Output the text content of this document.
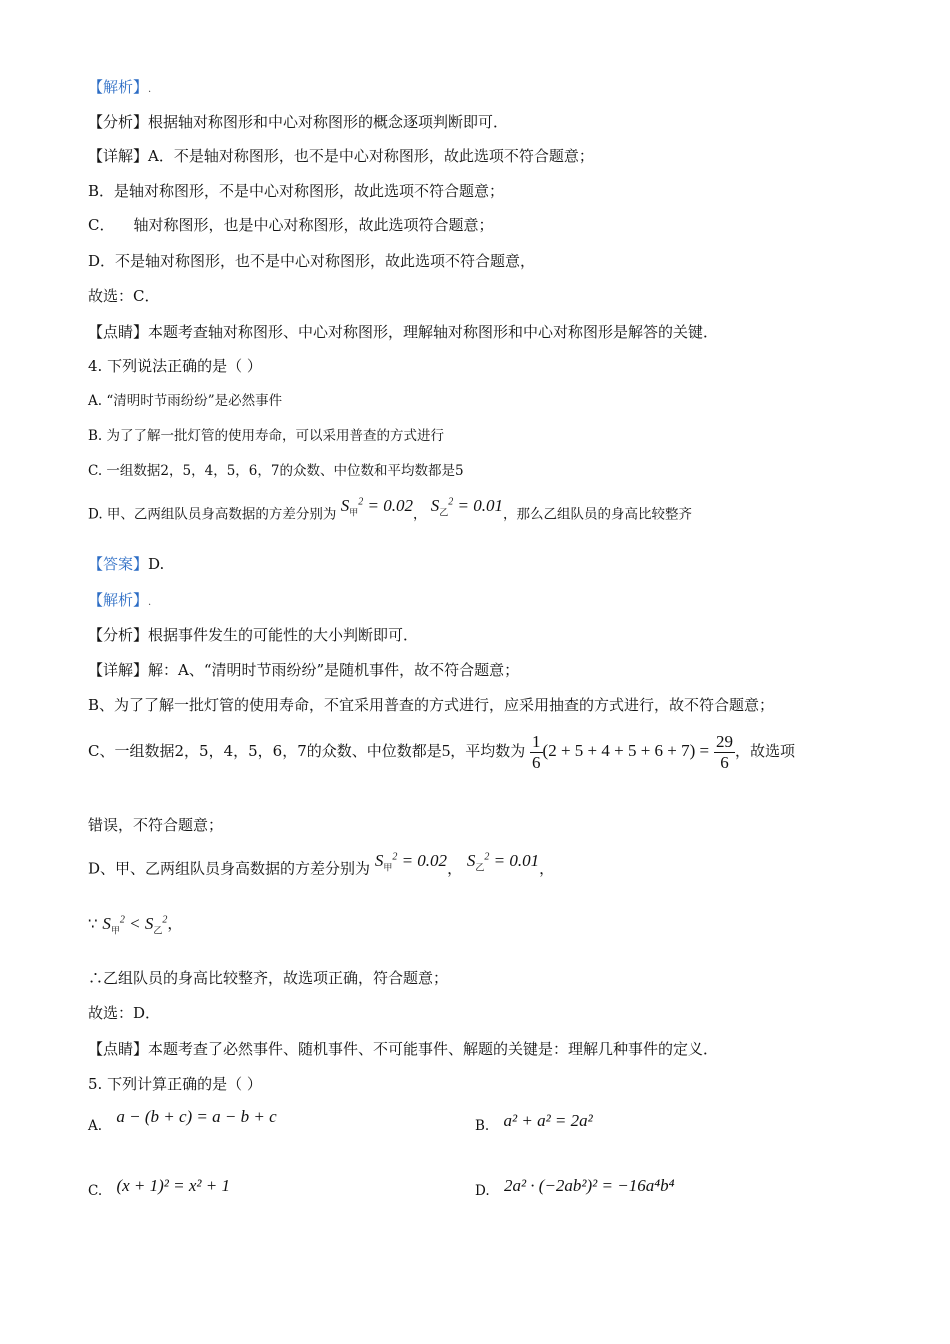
【解析】.
【分析】根据轴对称图形和中心对称图形的概念逐项判断即可．
【详解】A．不是轴对称图形，也不是中心对称图形，故此选项不符合题意；
B．是轴对称图形，不是中心对称图形，故此选项不符合题意；
C．    轴对称图形，也是中心对称图形，故此选项符合题意；
D．不是轴对称图形，也不是中心对称图形，故此选项不符合题意，
故选：C．
【点睛】本题考查轴对称图形、中心对称图形，理解轴对称图形和中心对称图形是解答的关键．
4. 下列说法正确的是（ ）
A. “清明时节雨纷纷”是必然事件
B. 为了了解一批灯管的使用寿命，可以采用普查的方式进行
C. 一组数据2，5，4，5，6，7的众数、中位数和平均数都是5
D. 甲、乙两组队员身高数据的方差分别为 $S_甲^2 = 0.02$， $S_乙^2 = 0.01$，那么乙组队员的身高比较整齐
【答案】D.
【解析】.
【分析】根据事件发生的可能性的大小判断即可．
【详解】解：A、“清明时节雨纷纷”是随机事件，故不符合题意；
B、为了了解一批灯管的使用寿命，不宜采用普查的方式进行，应采用抽查的方式进行，故不符合题意；
C、一组数据2，5，4，5，6，7的众数、中位数都是5，平均数为 $\frac{1}{6} (2 + 5 + 4 + 5 + 6 + 7) = \frac{29}{6}$ ，故选项
错误，不符合题意；
D、甲、乙两组队员身高数据的方差分别为 $S_甲^2 = 0.02$， $S_乙^2 = 0.01$，
∵ $S_甲^2 < S_乙^2$，
∴乙组队员的身高比较整齐，故选项正确，符合题意；
故选：D．
【点睛】本题考查了必然事件、随机事件、不可能事件、解题的关键是：理解几种事件的定义．
5. 下列计算正确的是（ ）
A. a − (b + c) = a − b + c	B. a² + a² = 2a²
C. (x + 1)² = x² + 1	D. 2a² · (−2ab²)² = −16a⁴b⁴
